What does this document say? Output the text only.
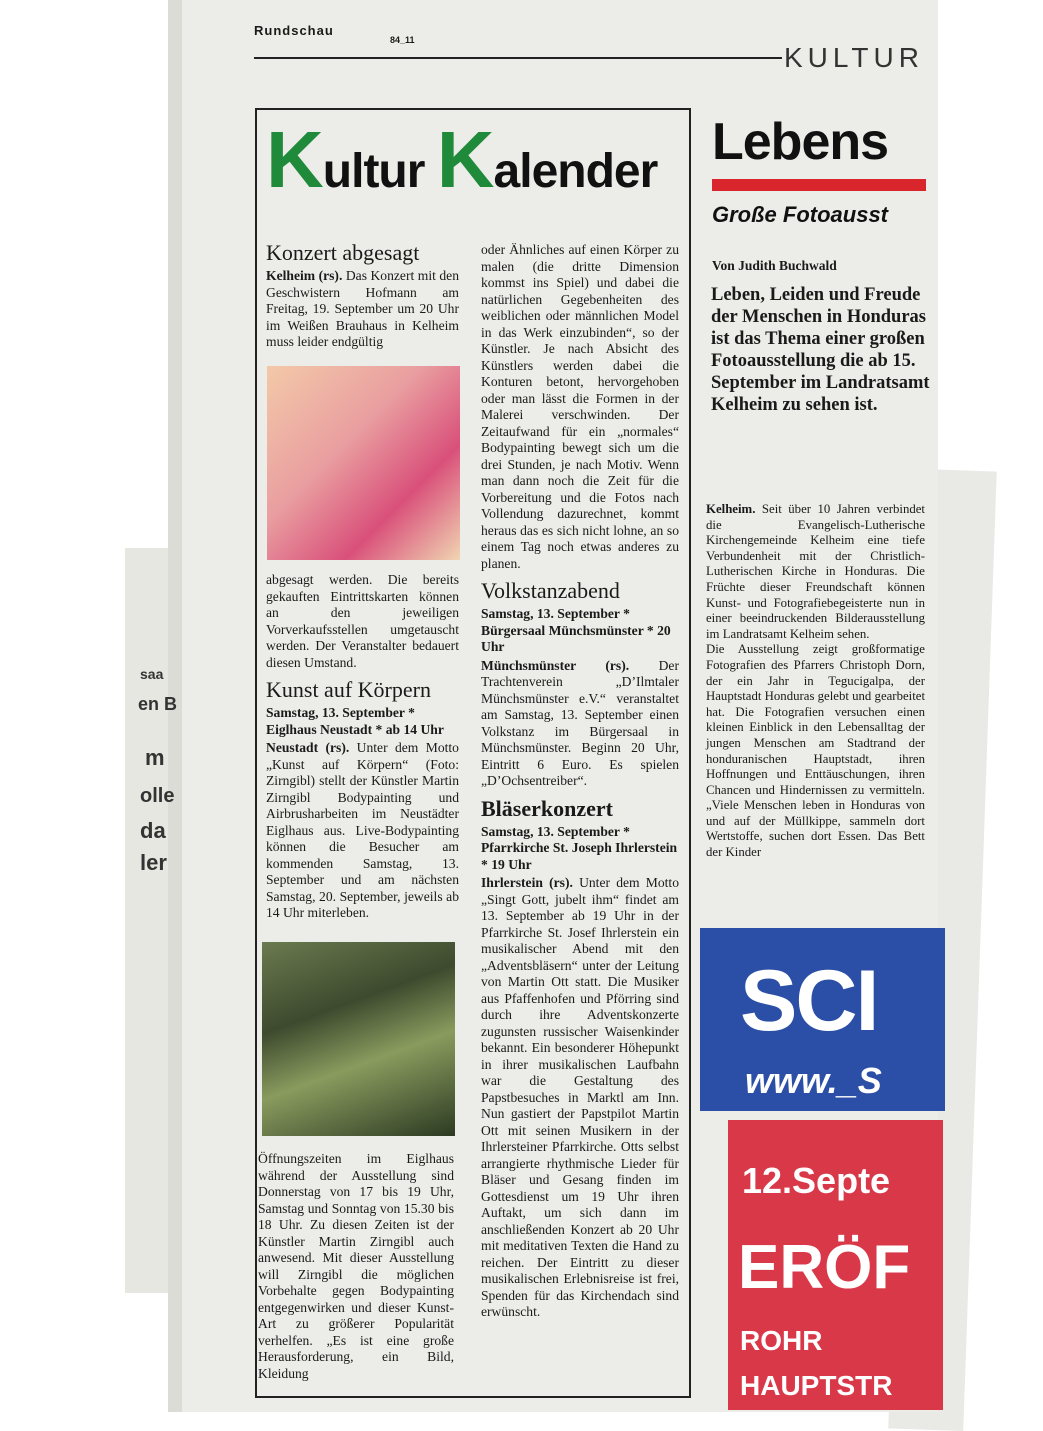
saa
en B
m
olle
da
ler
Rundschau
84_11
KULTUR
Kultur Kalender
Konzert abgesagt

Kelheim (rs). Das Konzert mit den Geschwistern Hofmann am Freitag, 19. September um 20 Uhr im Weißen Brauhaus in Kelheim muss leider endgültig

abgesagt werden. Die bereits gekauften Eintrittskarten können an den jeweiligen Vorverkaufsstellen umgetauscht werden. Der Veranstalter bedauert diesen Umstand.

Kunst auf Körpern
Samstag, 13. September * Eiglhaus Neustadt * ab 14 Uhr

Neustadt (rs). Unter dem Motto „Kunst auf Körpern“ (Foto: Zirngibl) stellt der Künstler Martin Zirngibl Bodypainting und Airbrusharbeiten im Neustädter Eiglhaus aus. Live-Bodypainting können die Besucher am kommenden Samstag, 13. September und am nächsten Samstag, 20. September, jeweils ab 14 Uhr miterleben.

Öffnungszeiten im Eiglhaus während der Ausstellung sind Donnerstag von 17 bis 19 Uhr, Samstag und Sonntag von 15.30 bis 18 Uhr. Zu diesen Zeiten ist der Künstler Martin Zirngibl auch anwesend. Mit dieser Ausstellung will Zirngibl die möglichen Vorbehalte gegen Bodypainting entgegenwirken und dieser Kunst-Art zu größerer Popularität verhelfen. „Es ist eine große Herausforderung, ein Bild, Kleidung

oder Ähnliches auf einen Körper zu malen (die dritte Dimension kommst ins Spiel) und dabei die natürlichen Gegebenheiten des weiblichen oder männlichen Model in das Werk einzubinden“, so der Künstler. Je nach Absicht des Künstlers werden dabei die Konturen betont, hervorgehoben oder man lässt die Formen in der Malerei verschwinden. Der Zeitaufwand für ein „normales“ Bodypainting bewegt sich um die drei Stunden, je nach Motiv. Wenn man dann noch die Zeit für die Vorbereitung und die Fotos nach Vollendung dazurechnet, kommt heraus das es sich nicht lohne, an so einem Tag noch etwas anderes zu planen.

Volkstanzabend
Samstag, 13. September * Bürgersaal Münchsmünster * 20 Uhr

Münchsmünster (rs). Der Trachtenverein „D’Ilmtaler Münchsmünster e.V.“ veranstaltet am Samstag, 13. September einen Volkstanz im Bürgersaal in Münchsmünster. Beginn 20 Uhr, Eintritt 6 Euro. Es spielen „D’Ochsentreiber“.

Bläserkonzert
Samstag, 13. September * Pfarrkirche St. Joseph Ihrlerstein * 19 Uhr

Ihrlerstein (rs). Unter dem Motto „Singt Gott, jubelt ihm“ findet am 13. September ab 19 Uhr in der Pfarrkirche St. Josef Ihrlerstein ein musikalischer Abend mit den „Adventsbläsern“ unter der Leitung von Martin Ott statt. Die Musiker aus Pfaffenhofen und Pförring sind durch ihre Adventskonzerte zugunsten russischer Waisenkinder bekannt. Ein besonderer Höhepunkt in ihrer musikalischen Laufbahn war die Gestaltung des Papstbesuches in Marktl am Inn. Nun gastiert der Papstpilot Martin Ott mit seinen Musikern in der Ihrlersteiner Pfarrkirche. Otts selbst arrangierte rhythmische Lieder für Bläser und Gesang finden im Gottesdienst um 19 Uhr ihren Auftakt, um sich dann im anschließenden Konzert ab 20 Uhr mit meditativen Texten die Hand zu reichen. Der Eintritt zu dieser musikalischen Erlebnisreise ist frei, Spenden für das Kirchendach sind erwünscht.

Lebens
Große Fotoausst
Von Judith Buchwald
Leben, Leiden und Freude der Menschen in Honduras ist das Thema einer großen Fotoausstellung die ab 15. September im Landratsamt Kelheim zu sehen ist.

Kelheim. Seit über 10 Jahren verbindet die Evangelisch-Lutherische Kirchengemeinde Kelheim eine tiefe Verbundenheit mit der Christlich-Lutherischen Kirche in Honduras. Die Früchte dieser Freundschaft können Kunst- und Fotografiebegeisterte nun in einer beeindruckenden Bilderausstellung im Landratsamt Kelheim sehen.

Die Ausstellung zeigt großformatige Fotografien des Pfarrers Christoph Dorn, der ein Jahr in Tegucigalpa, der Hauptstadt Honduras gelebt und gearbeitet hat. Die Fotografien versuchen einen kleinen Einblick in den Lebensalltag der jungen Menschen am Stadtrand der honduranischen Hauptstadt, ihren Hoffnungen und Enttäuschungen, ihren Chancen und Hindernissen zu vermitteln. „Viele Menschen leben in Honduras von und auf der Müllkippe, sammeln dort Wertstoffe, suchen dort Essen. Das Bett der Kinder

SCI
www._S
12.Septe
ERÖF
ROHR
HAUPTSTR
